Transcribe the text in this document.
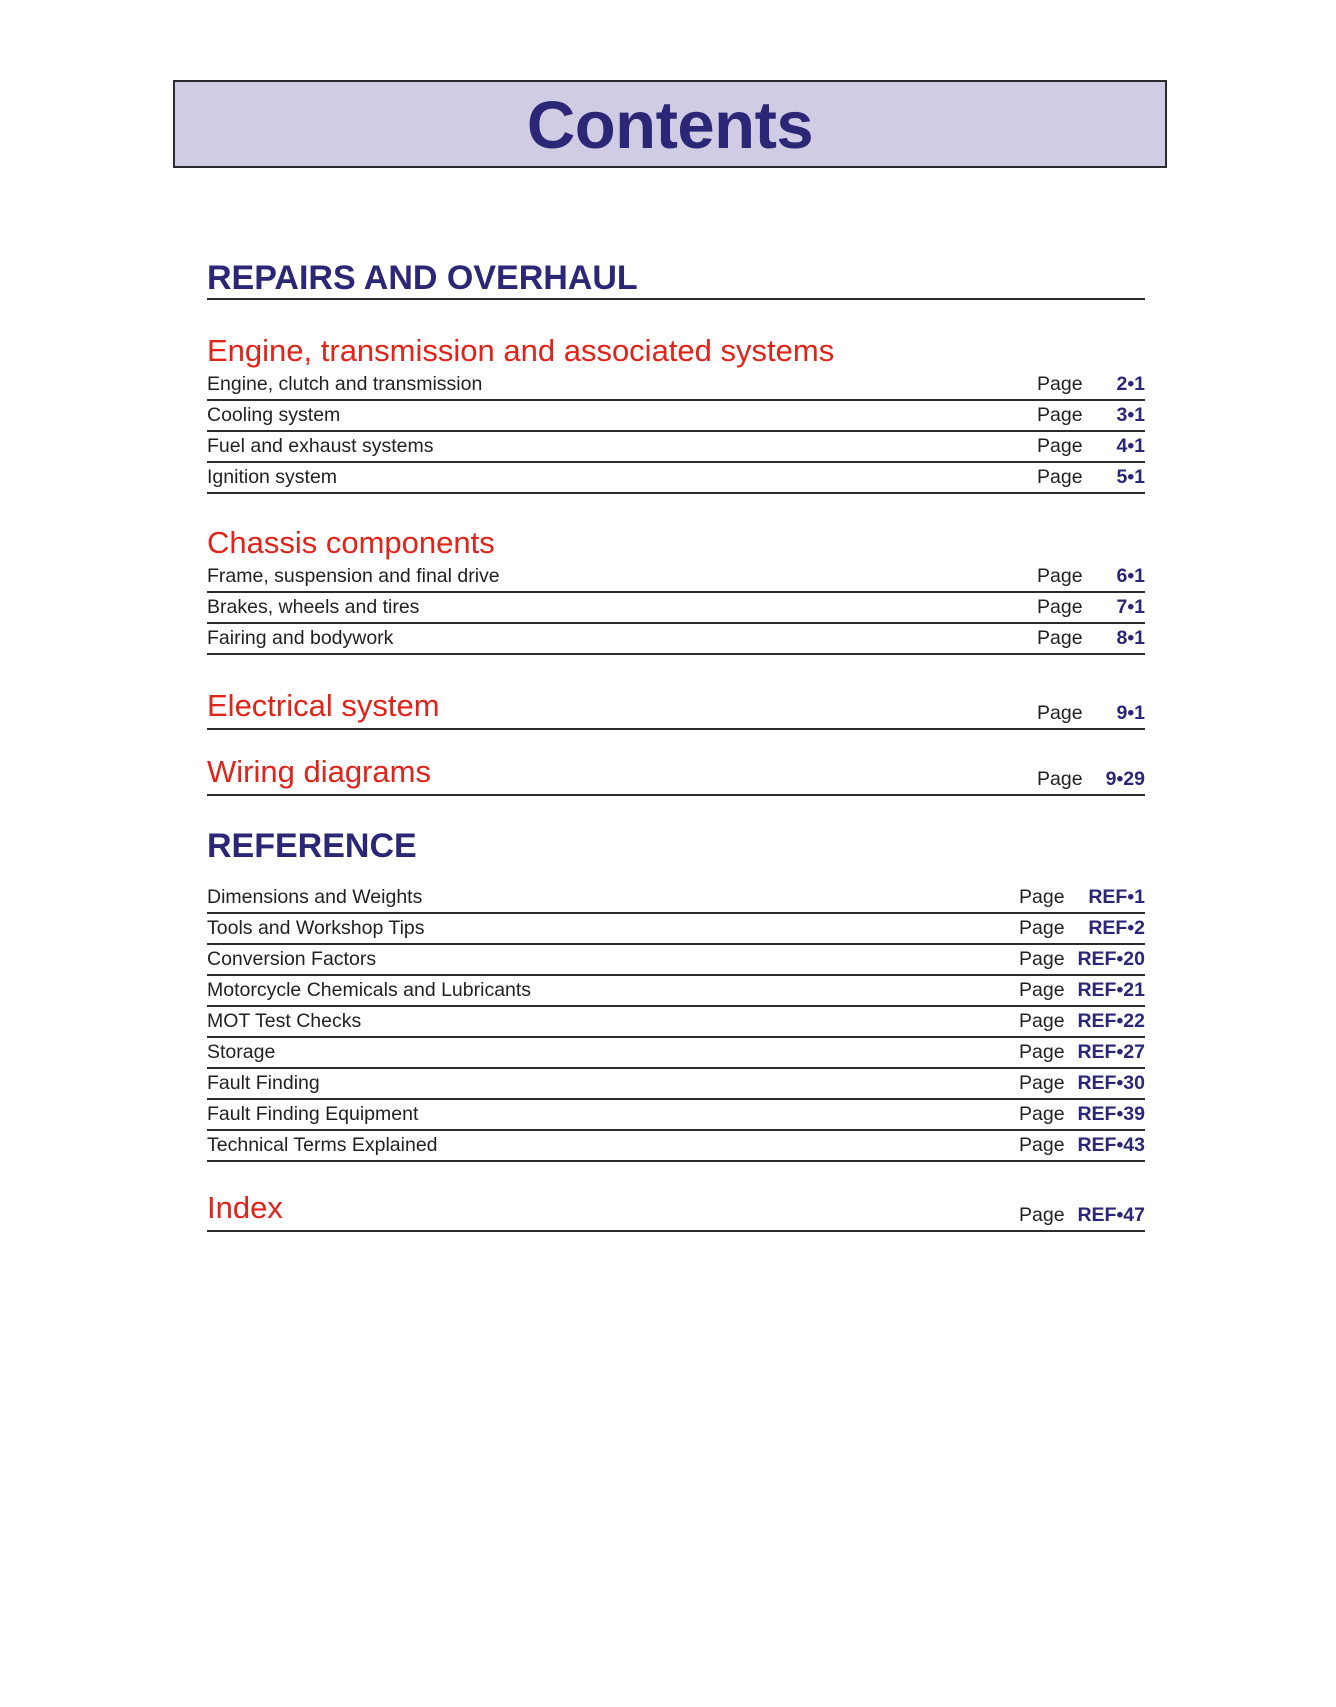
Contents
REPAIRS AND OVERHAUL
Engine, transmission and associated systems
Engine, clutch and transmission	Page 2•1
Cooling system	Page 3•1
Fuel and exhaust systems	Page 4•1
Ignition system	Page 5•1
Chassis components
Frame, suspension and final drive	Page 6•1
Brakes, wheels and tires	Page 7•1
Fairing and bodywork	Page 8•1
Electrical system	Page 9•1
Wiring diagrams	Page 9•29
REFERENCE
Dimensions and Weights	Page REF•1
Tools and Workshop Tips	Page REF•2
Conversion Factors	Page REF•20
Motorcycle Chemicals and Lubricants	Page REF•21
MOT Test Checks	Page REF•22
Storage	Page REF•27
Fault Finding	Page REF•30
Fault Finding Equipment	Page REF•39
Technical Terms Explained	Page REF•43
Index	Page REF•47
